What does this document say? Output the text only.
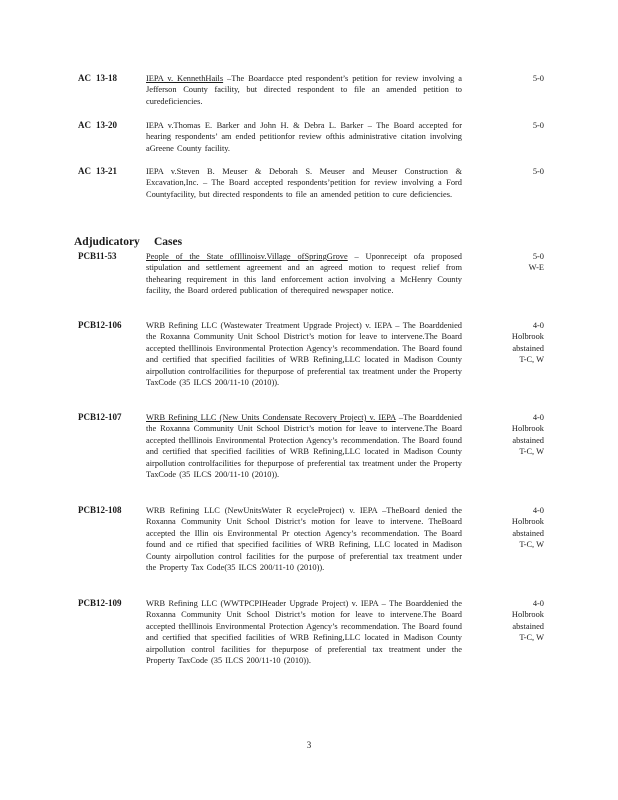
AC 13-18	IEPA v. KennethHails –The Boardacce pted respondent’s petition for review involving a Jefferson County facility, but directed respondent to file an amended petition to curedeficiencies.
5-0
AC 13-20	IEPA v.Thomas E. Barker and John H. & Debra L. Barker – The Board accepted for hearing respondents’ am ended petitionfor review ofthis administrative citation involving aGreene County facility.
5-0
AC 13-21	IEPA v.Steven B. Meuser & Deborah S. Meuser and Meuser Construction & Excavation,Inc. – The Board accepted respondents’petition for review involving a Ford Countyfacility, but directed respondents to file an amended petition to cure deficiencies.
5-0
Adjudicatory Cases
PCB 11-53	People of the State ofIllinoisv.Village ofSpringGrove – Uponreceipt ofa proposed stipulation and settlement agreement and an agreed motion to request relief from thehearing requirement in this land enforcement action involving a McHenry County facility, the Board ordered publication of therequired newspaper notice.
5-0
W-E
PCB 12-106	WRB Refining LLC (Wastewater Treatment Upgrade Project) v. IEPA – The Boarddenied the Roxanna Community Unit School District’s motion for leave to intervene.The Board accepted theIllinois Environmental Protection Agency’s recommendation. The Board found and certified that specified facilities of WRB Refining,LLC located in Madison County airpollution controlfacilities for thepurpose of preferential tax treatment under the Property TaxCode (35 ILCS 200/11-10 (2010)).
4-0
Holbrook
abstained
T-C, W
PCB 12-107	WRB Refining LLC (New Units Condensate Recovery Project) v. IEPA –The Boarddenied the Roxanna Community Unit School District’s motion for leave to intervene.The Board accepted theIllinois Environmental Protection Agency’s recommendation. The Board found and certified that specified facilities of WRB Refining,LLC located in Madison County airpollution controlfacilities for thepurpose of preferential tax treatment under the Property TaxCode (35 ILCS 200/11-10 (2010)).
4-0
Holbrook
abstained
T-C, W
PCB 12-108	WRB Refining LLC (NewUnitsWater R ecycleProject) v. IEPA –TheBoard denied the Roxanna Community Unit School District’s motion for leave to intervene. TheBoard accepted the Illin ois Environmental Pr otection Agency’s recommendation. The Board found and ce rtified that specified facilities of WRB Refining, LLC located in Madison County airpollution control facilities for the purpose of preferential tax treatment under the Property Tax Code(35 ILCS 200/11-10 (2010)).
4-0
Holbrook
abstained
T-C, W
PCB 12-109	WRB Refining LLC (WWTPCPIHeader Upgrade Project) v. IEPA – The Boarddenied the Roxanna Community Unit School District’s motion for leave to intervene.The Board accepted theIllinois Environmental Protection Agency’s recommendation. The Board found and certified that specified facilities of WRB Refining,LLC located in Madison County airpollution control facilities for thepurpose of preferential tax treatment under the Property TaxCode (35 ILCS 200/11-10 (2010)).
4-0
Holbrook
abstained
T-C, W
3
